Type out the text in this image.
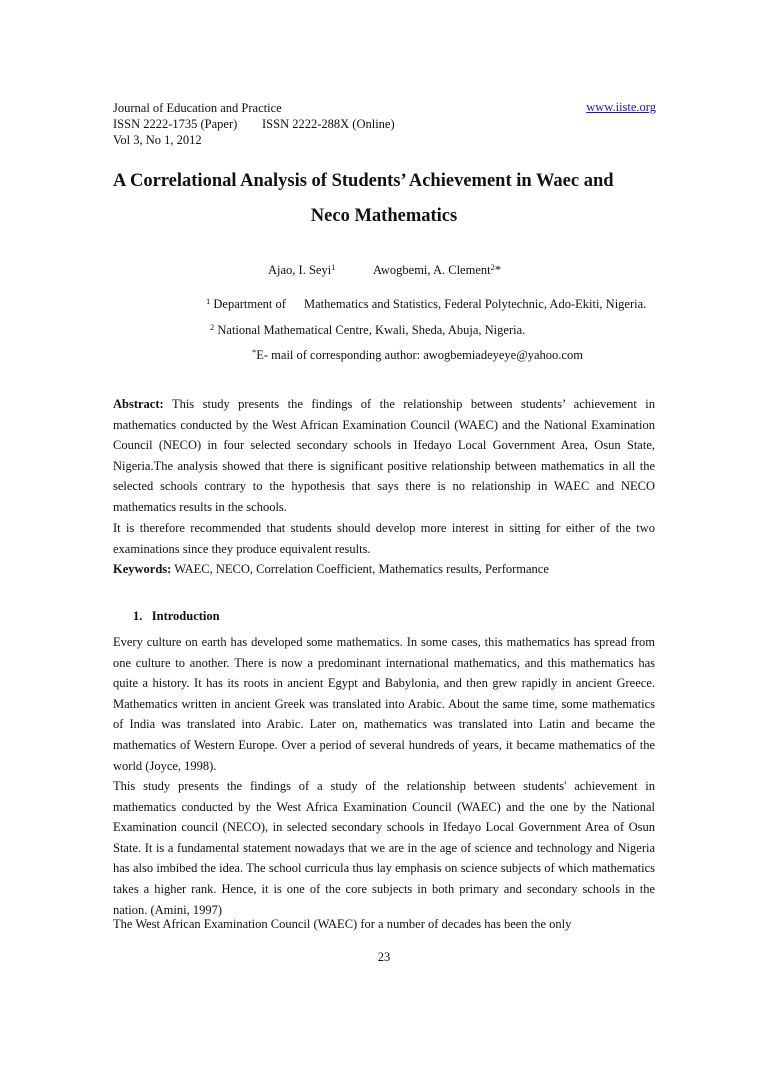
Journal of Education and Practice	www.iiste.org
ISSN 2222-1735 (Paper) ISSN 2222-288X (Online)
Vol 3, No 1, 2012
A Correlational Analysis of Students’ Achievement in Waec and
Neco Mathematics
Ajao, I. Seyi$^1$	Awogbemi, A. Clement$^2$*
$^1$ Department of Mathematics and Statistics, Federal Polytechnic, Ado-Ekiti, Nigeria.
$^2$ National Mathematical Centre, Kwali, Sheda, Abuja, Nigeria.
*E- mail of corresponding author: awogbemiadeyeye@yahoo.com

Abstract: This study presents the findings of the relationship between students’ achievement in mathematics conducted by the West African Examination Council (WAEC) and the National Examination Council (NECO) in four selected secondary schools in Ifedayo Local Government Area, Osun State, Nigeria.The analysis showed that there is significant positive relationship between mathematics in all the selected schools contrary to the hypothesis that says there is no relationship in WAEC and NECO mathematics results in the schools.

It is therefore recommended that students should develop more interest in sitting for either of the two examinations since they produce equivalent results.

Keywords: WAEC, NECO, Correlation Coefficient, Mathematics results, Performance

1. Introduction

Every culture on earth has developed some mathematics. In some cases, this mathematics has spread from one culture to another. There is now a predominant international mathematics, and this mathematics has quite a history. It has its roots in ancient Egypt and Babylonia, and then grew rapidly in ancient Greece. Mathematics written in ancient Greek was translated into Arabic. About the same time, some mathematics of India was translated into Arabic. Later on, mathematics was translated into Latin and became the mathematics of Western Europe. Over a period of several hundreds of years, it became mathematics of the world (Joyce, 1998).

This study presents the findings of a study of the relationship between students' achievement in mathematics conducted by the West Africa Examination Council (WAEC) and the one by the National Examination council (NECO), in selected secondary schools in Ifedayo Local Government Area of Osun State. It is a fundamental statement nowadays that we are in the age of science and technology and Nigeria has also imbibed the idea. The school curricula thus lay emphasis on science subjects of which mathematics takes a higher rank. Hence, it is one of the core subjects in both primary and secondary schools in the nation. (Amini, 1997)

The West African Examination Council (WAEC) for a number of decades has been the only

23
